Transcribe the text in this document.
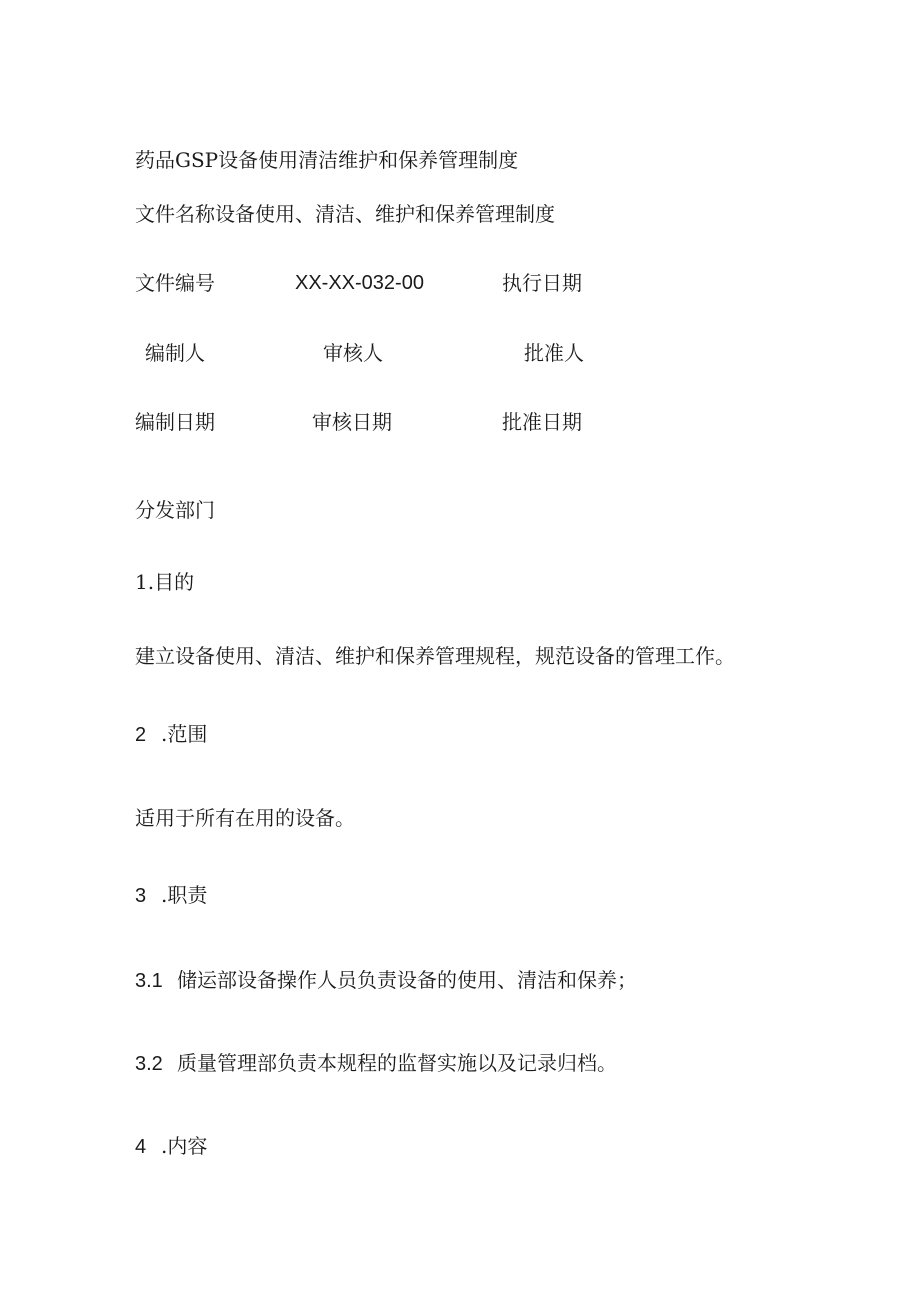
药品GSP设备使用清洁维护和保养管理制度
文件名称设备使用、清洁、维护和保养管理制度
文件编号	XX-XX-032-00	执行日期
编制人	审核人	批准人
编制日期	审核日期	批准日期
分发部门
1.目的
建立设备使用、清洁、维护和保养管理规程，规范设备的管理工作。
2 .范围
适用于所有在用的设备。
3 .职责
3.1 储运部设备操作人员负责设备的使用、清洁和保养；
3.2 质量管理部负责本规程的监督实施以及记录归档。
4 .内容
